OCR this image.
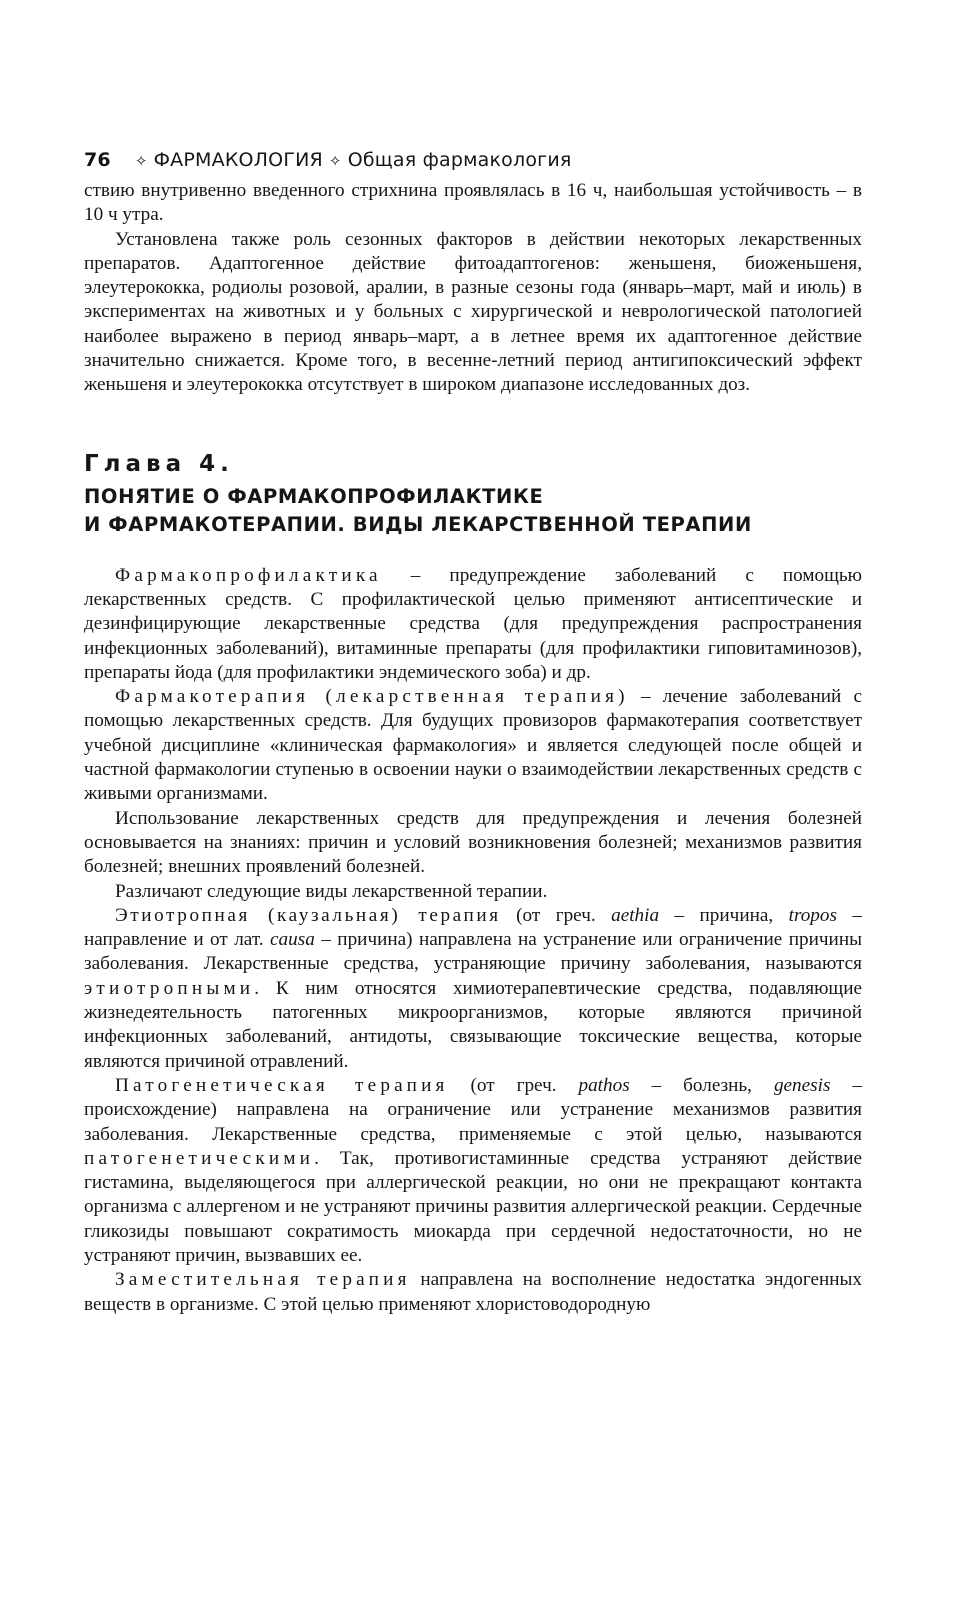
76 ✧ ФАРМАКОЛОГИЯ ✧ Общая фармакология

ствию внутривенно введенного стрихнина проявлялась в 16 ч, наибольшая устойчивость – в 10 ч утра.

Установлена также роль сезонных факторов в действии некоторых лекарственных препаратов. Адаптогенное действие фитоадаптогенов: женьшеня, биоженьшеня, элеутерококка, родиолы розовой, аралии, в разные сезоны года (январь–март, май и июль) в экспериментах на животных и у больных с хирургической и неврологической патологией наиболее выражено в период январь–март, а в летнее время их адаптогенное действие значительно снижается. Кроме того, в весенне-летний период антигипоксический эффект женьшеня и элеутерококка отсутствует в широком диапазоне исследованных доз.

Глава 4.
ПОНЯТИЕ О ФАРМАКОПРОФИЛАКТИКЕ
И ФАРМАКОТЕРАПИИ. ВИДЫ ЛЕКАРСТВЕННОЙ ТЕРАПИИ

Фармакопрофилактика – предупреждение заболеваний с помощью лекарственных средств. С профилактической целью применяют антисептические и дезинфицирующие лекарственные средства (для предупреждения распространения инфекционных заболеваний), витаминные препараты (для профилактики гиповитаминозов), препараты йода (для профилактики эндемического зоба) и др.

Фармакотерапия (лекарственная терапия) – лечение заболеваний с помощью лекарственных средств. Для будущих провизоров фармакотерапия соответствует учебной дисциплине «клиническая фармакология» и является следующей после общей и частной фармакологии ступенью в освоении науки о взаимодействии лекарственных средств с живыми организмами.

Использование лекарственных средств для предупреждения и лечения болезней основывается на знаниях: причин и условий возникновения болезней; механизмов развития болезней; внешних проявлений болезней.

Различают следующие виды лекарственной терапии.

Этиотропная (каузальная) терапия (от греч. aethia – причина, tropos – направление и от лат. causa – причина) направлена на устранение или ограничение причины заболевания. Лекарственные средства, устраняющие причину заболевания, называются этиотропными. К ним относятся химиотерапевтические средства, подавляющие жизнедеятельность патогенных микроорганизмов, которые являются причиной инфекционных заболеваний, антидоты, связывающие токсические вещества, которые являются причиной отравлений.

Патогенетическая терапия (от греч. pathos – болезнь, genesis – происхождение) направлена на ограничение или устранение механизмов развития заболевания. Лекарственные средства, применяемые с этой целью, называются патогенетическими. Так, противогистаминные средства устраняют действие гистамина, выделяющегося при аллергической реакции, но они не прекращают контакта организма с аллергеном и не устраняют причины развития аллергической реакции. Сердечные гликозиды повышают сократимость миокарда при сердечной недостаточности, но не устраняют причин, вызвавших ее.

Заместительная терапия направлена на восполнение недостатка эндогенных веществ в организме. С этой целью применяют хлористоводородную
